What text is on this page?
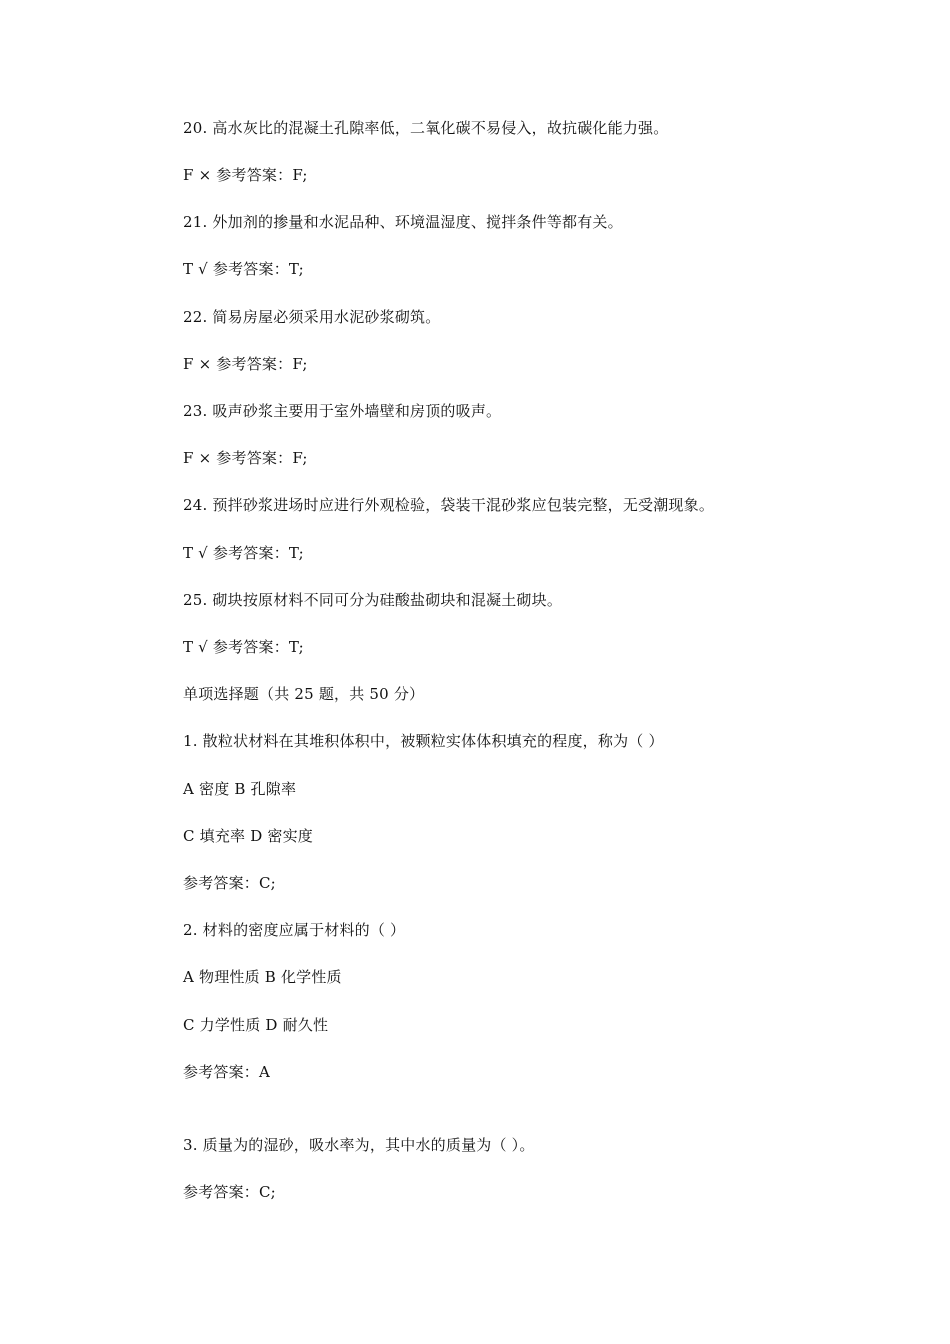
20. 高水灰比的混凝土孔隙率低，二氧化碳不易侵入，故抗碳化能力强。
F × 参考答案：F;
21. 外加剂的掺量和水泥品种、环境温湿度、搅拌条件等都有关。
T √ 参考答案：T;
22. 简易房屋必须采用水泥砂浆砌筑。
F × 参考答案：F;
23. 吸声砂浆主要用于室外墙壁和房顶的吸声。
F × 参考答案：F;
24. 预拌砂浆进场时应进行外观检验，袋装干混砂浆应包装完整，无受潮现象。
T √ 参考答案：T;
25. 砌块按原材料不同可分为硅酸盐砌块和混凝土砌块。
T √ 参考答案：T;
单项选择题（共 25 题，共 50 分）
1. 散粒状材料在其堆积体积中，被颗粒实体体积填充的程度，称为（ ）
A 密度 B 孔隙率
C 填充率 D 密实度
参考答案：C;
2. 材料的密度应属于材料的（ ）
A 物理性质 B 化学性质
C 力学性质 D 耐久性
参考答案：A
3. 质量为的湿砂，吸水率为，其中水的质量为（ ）。
参考答案：C;
